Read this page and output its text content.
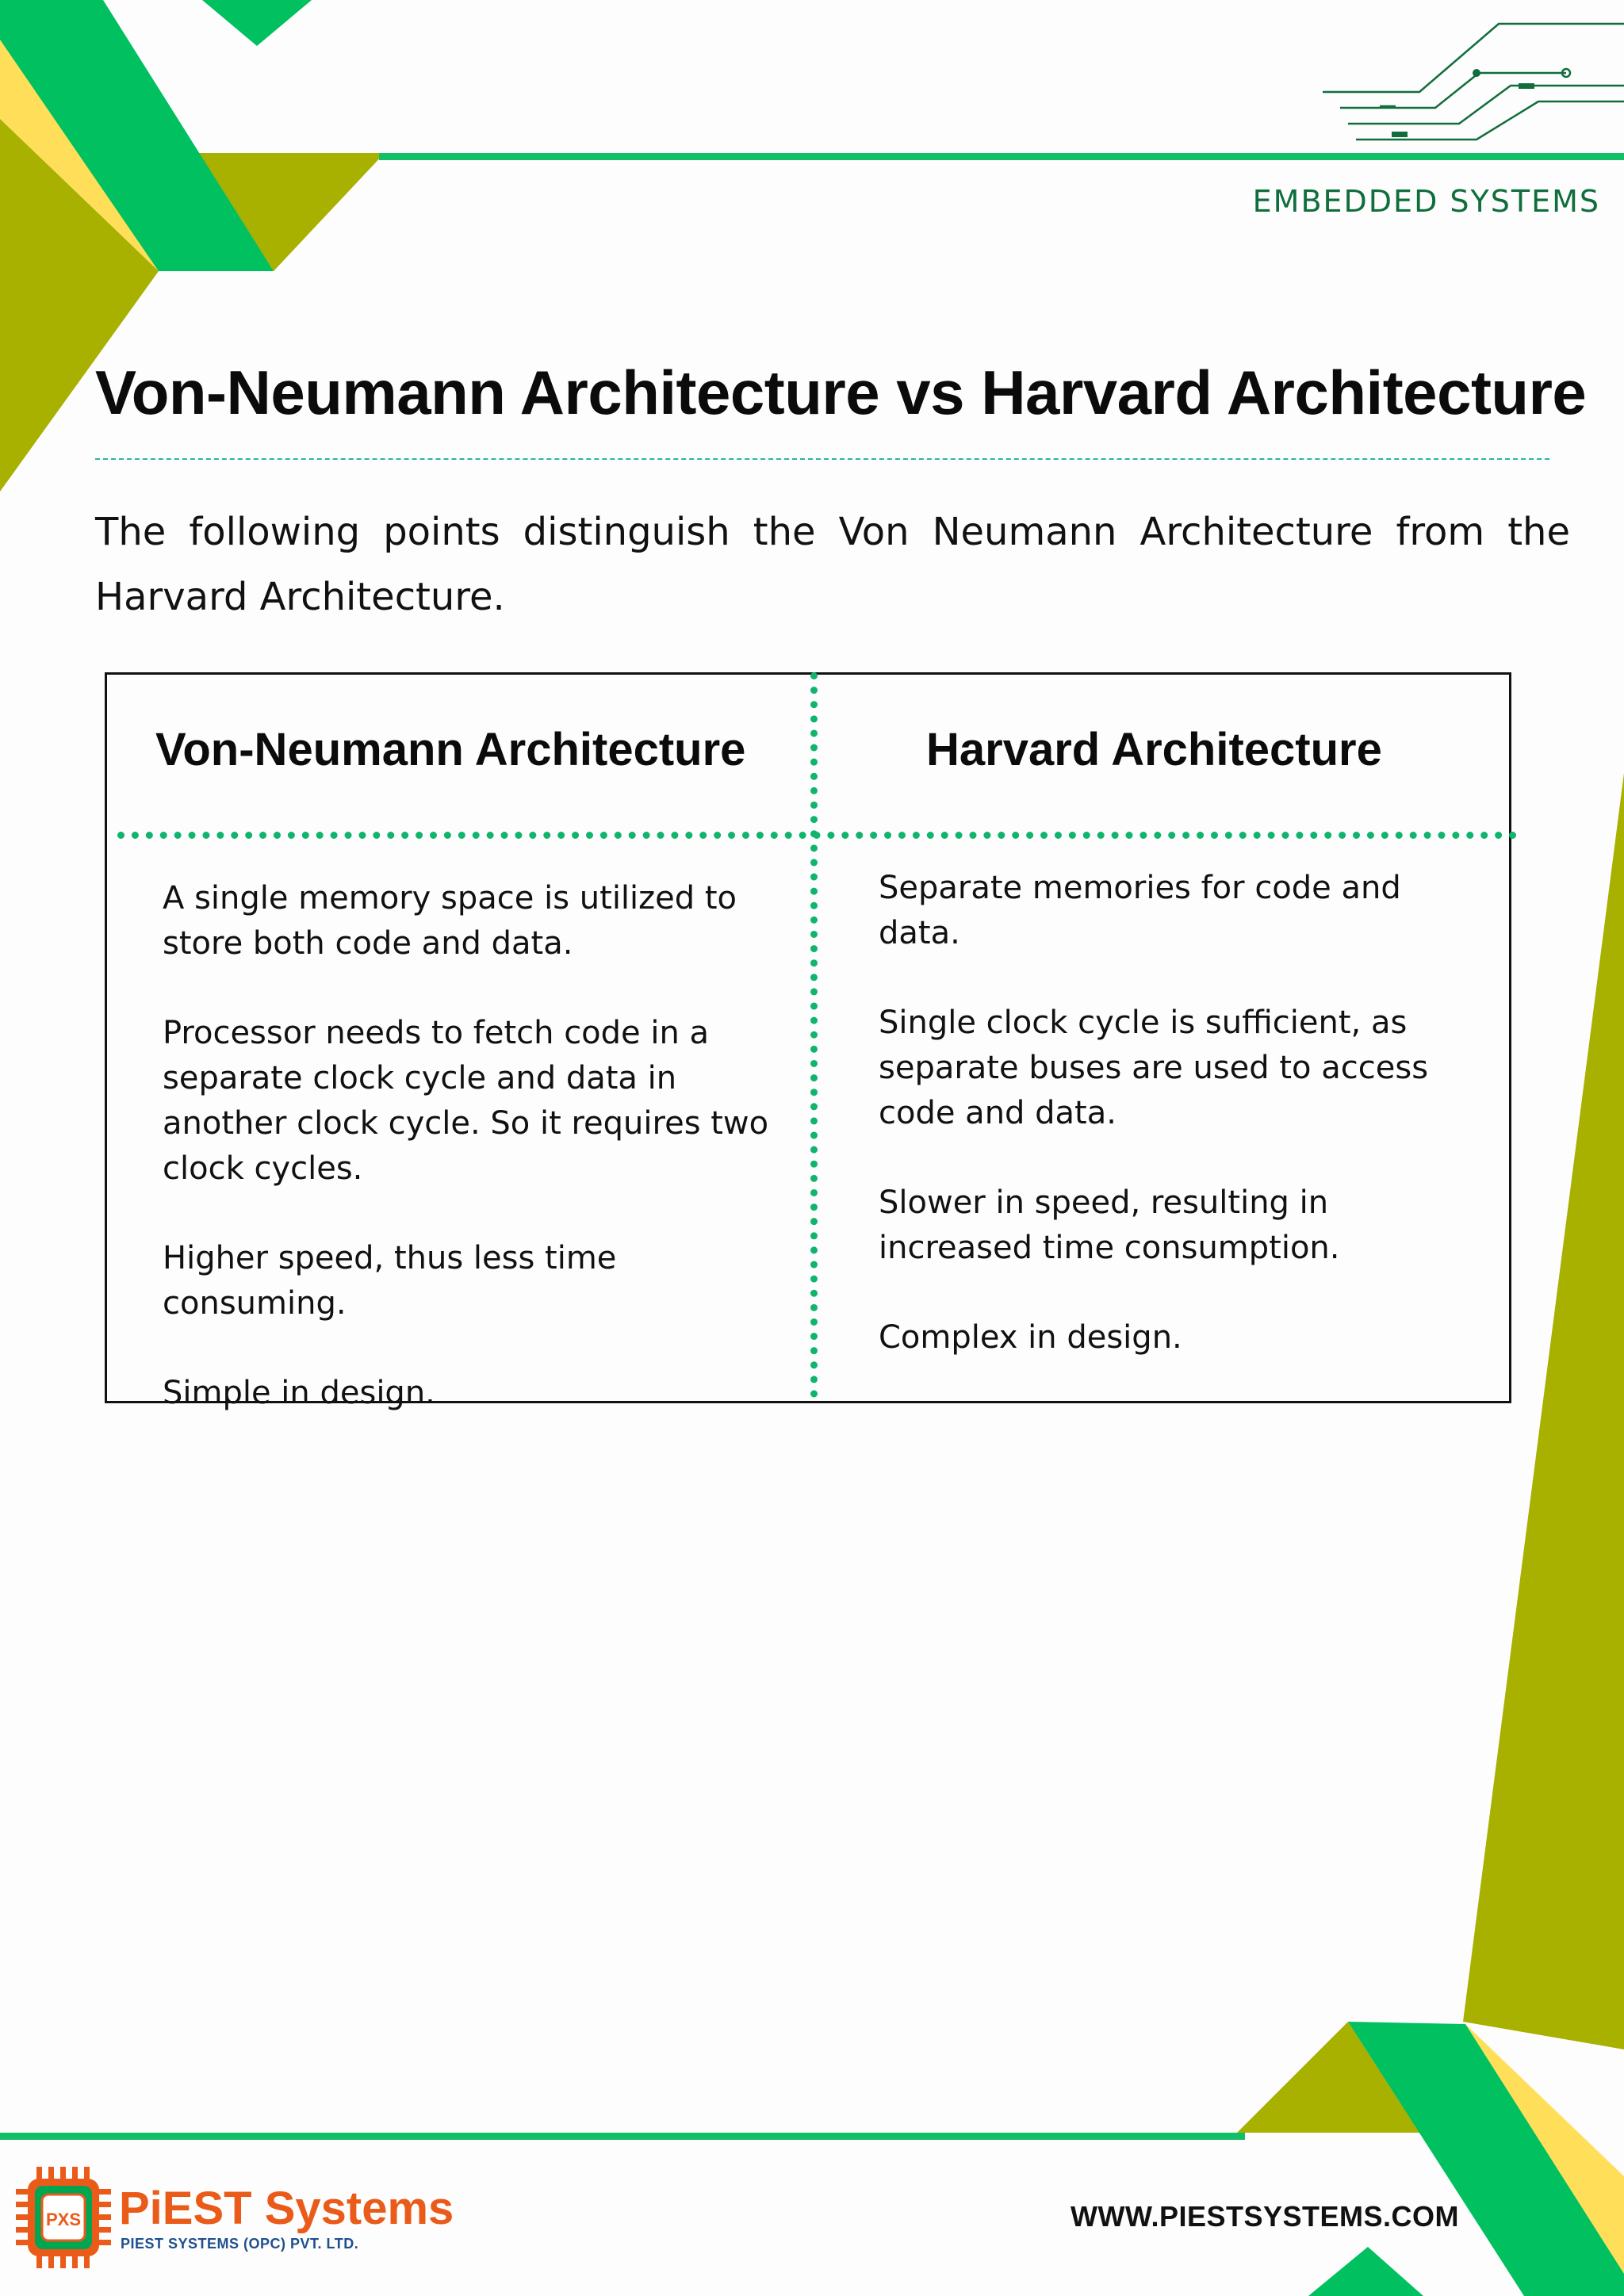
EMBEDDED SYSTEMS
Von-Neumann Architecture vs Harvard Architecture

The following points distinguish the Von Neumann Architecture from the Harvard Architecture.

Von-Neumann Architecture	Harvard Architecture
A single memory space is utilized to store both code and data.
Processor needs to fetch code in a separate clock cycle and data in another clock cycle. So it requires two clock cycles.
Higher speed, thus less time consuming.
Simple in design.
Separate memories for code and data.
Single clock cycle is sufficient, as separate buses are used to access code and data.
Slower in speed, resulting in increased time consumption.
Complex in design.
PXS PiEST Systems
PIEST SYSTEMS (OPC) PVT. LTD.
WWW.PIESTSYSTEMS.COM
